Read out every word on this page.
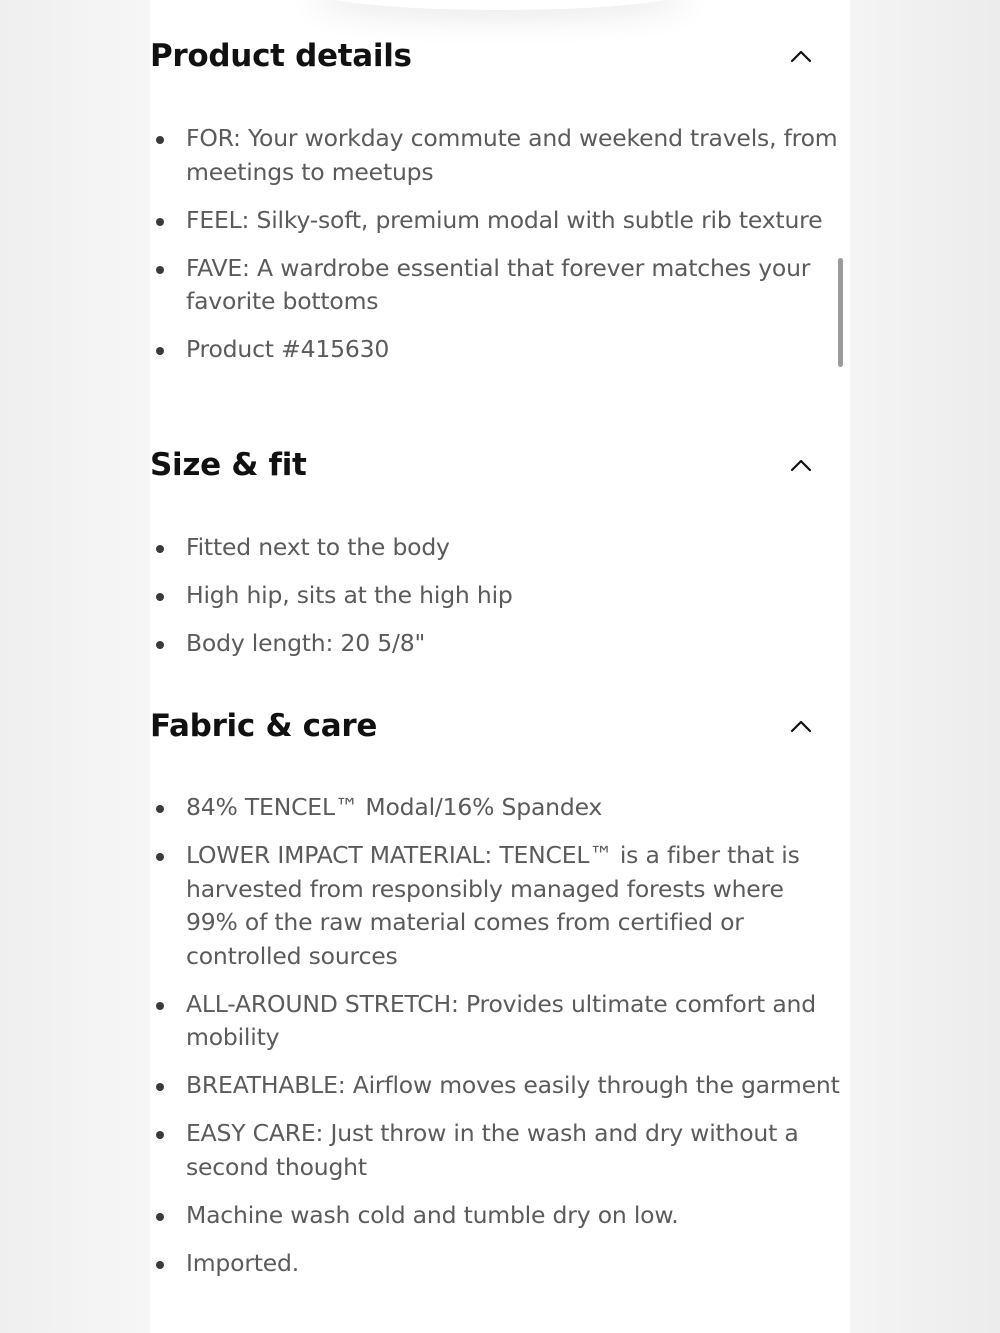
Product details
FOR: Your workday commute and weekend travels, from meetings to meetups
FEEL: Silky-soft, premium modal with subtle rib texture
FAVE: A wardrobe essential that forever matches your favorite bottoms
Product #415630
Size & fit
Fitted next to the body
High hip, sits at the high hip
Body length: 20 5/8"
Fabric & care
84% TENCEL™ Modal/16% Spandex
LOWER IMPACT MATERIAL: TENCEL™ is a fiber that is harvested from responsibly managed forests where 99% of the raw material comes from certified or controlled sources
ALL-AROUND STRETCH: Provides ultimate comfort and mobility
BREATHABLE: Airflow moves easily through the garment
EASY CARE: Just throw in the wash and dry without a second thought
Machine wash cold and tumble dry on low.
Imported.
